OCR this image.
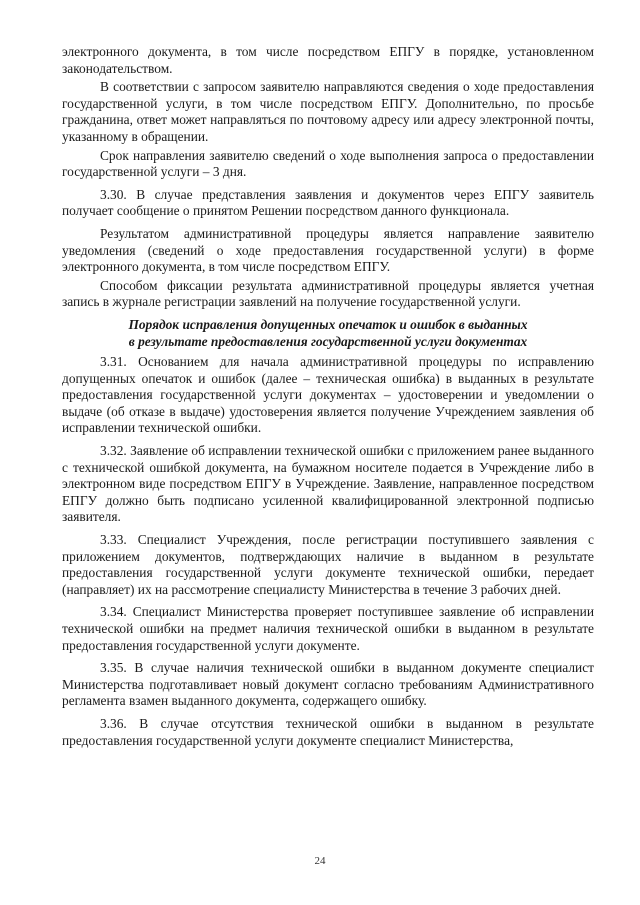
электронного документа, в том числе посредством ЕПГУ в порядке, установленном законодательством.

В соответствии с запросом заявителю направляются сведения о ходе предоставления государственной услуги, в том числе посредством ЕПГУ. Дополнительно, по просьбе гражданина, ответ может направляться по почтовому адресу или адресу электронной почты, указанному в обращении.

Срок направления заявителю сведений о ходе выполнения запроса о предоставлении государственной услуги – 3 дня.

3.30. В случае представления заявления и документов через ЕПГУ заявитель получает сообщение о принятом Решении посредством данного функционала.

Результатом административной процедуры является направление заявителю уведомления (сведений о ходе предоставления государственной услуги) в форме электронного документа, в том числе посредством ЕПГУ.

Способом фиксации результата административной процедуры является учетная запись в журнале регистрации заявлений на получение государственной услуги.

Порядок исправления допущенных опечаток и ошибок в выданных
в результате предоставления государственной услуги документах

3.31. Основанием для начала административной процедуры по исправлению допущенных опечаток и ошибок (далее – техническая ошибка) в выданных в результате предоставления государственной услуги документах – удостоверении и уведомлении о выдаче (об отказе в выдаче) удостоверения является получение Учреждением заявления об исправлении технической ошибки.

3.32. Заявление об исправлении технической ошибки с приложением ранее выданного с технической ошибкой документа, на бумажном носителе подается в Учреждение либо в электронном виде посредством ЕПГУ в Учреждение. Заявление, направленное посредством ЕПГУ должно быть подписано усиленной квалифицированной электронной подписью заявителя.

3.33. Специалист Учреждения, после регистрации поступившего заявления с приложением документов, подтверждающих наличие в выданном в результате предоставления государственной услуги документе технической ошибки, передает (направляет) их на рассмотрение специалисту Министерства в течение 3 рабочих дней.

3.34. Специалист Министерства проверяет поступившее заявление об исправлении технической ошибки на предмет наличия технической ошибки в выданном в результате предоставления государственной услуги документе.

3.35. В случае наличия технической ошибки в выданном документе специалист Министерства подготавливает новый документ согласно требованиям Административного регламента взамен выданного документа, содержащего ошибку.

3.36. В случае отсутствия технической ошибки в выданном в результате предоставления государственной услуги документе специалист Министерства,

24
